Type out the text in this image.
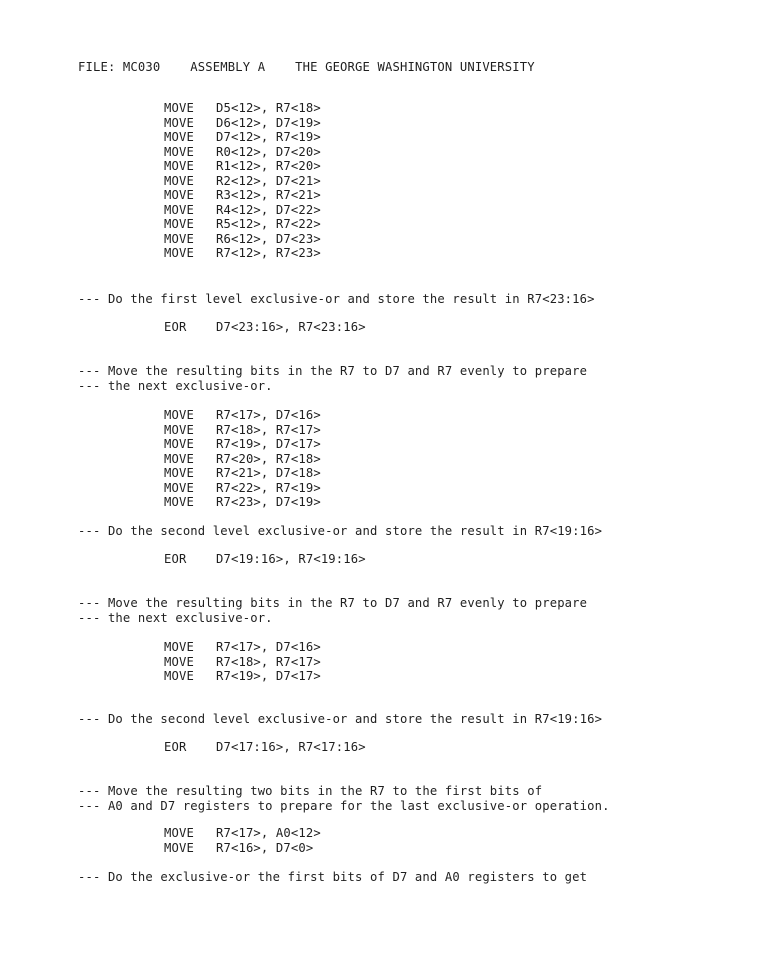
FILE: MC030    ASSEMBLY A    THE GEORGE WASHINGTON UNIVERSITY
MOVE D5<12>, R7<18>
MOVE D6<12>, D7<19>
MOVE D7<12>, R7<19>
MOVE R0<12>, D7<20>
MOVE R1<12>, R7<20>
MOVE R2<12>, D7<21>
MOVE R3<12>, R7<21>
MOVE R4<12>, D7<22>
MOVE R5<12>, R7<22>
MOVE R6<12>, D7<23>
MOVE R7<12>, R7<23>
--- Do the first level exclusive-or and store the result in R7<23:16>
EOR D7<23:16>, R7<23:16>
--- Move the resulting bits in the R7 to D7 and R7 evenly to prepare
--- the next exclusive-or.
MOVE R7<17>, D7<16>
MOVE R7<18>, R7<17>
MOVE R7<19>, D7<17>
MOVE R7<20>, R7<18>
MOVE R7<21>, D7<18>
MOVE R7<22>, R7<19>
MOVE R7<23>, D7<19>
--- Do the second level exclusive-or and store the result in R7<19:16>
EOR D7<19:16>, R7<19:16>
--- Move the resulting bits in the R7 to D7 and R7 evenly to prepare
--- the next exclusive-or.
MOVE R7<17>, D7<16>
MOVE R7<18>, R7<17>
MOVE R7<19>, D7<17>
--- Do the second level exclusive-or and store the result in R7<19:16>
EOR D7<17:16>, R7<17:16>
--- Move the resulting two bits in the R7 to the first bits of
--- A0 and D7 registers to prepare for the last exclusive-or operation.
MOVE R7<17>, A0<12>
MOVE R7<16>, D7<0>
--- Do the exclusive-or the first bits of D7 and A0 registers to get
